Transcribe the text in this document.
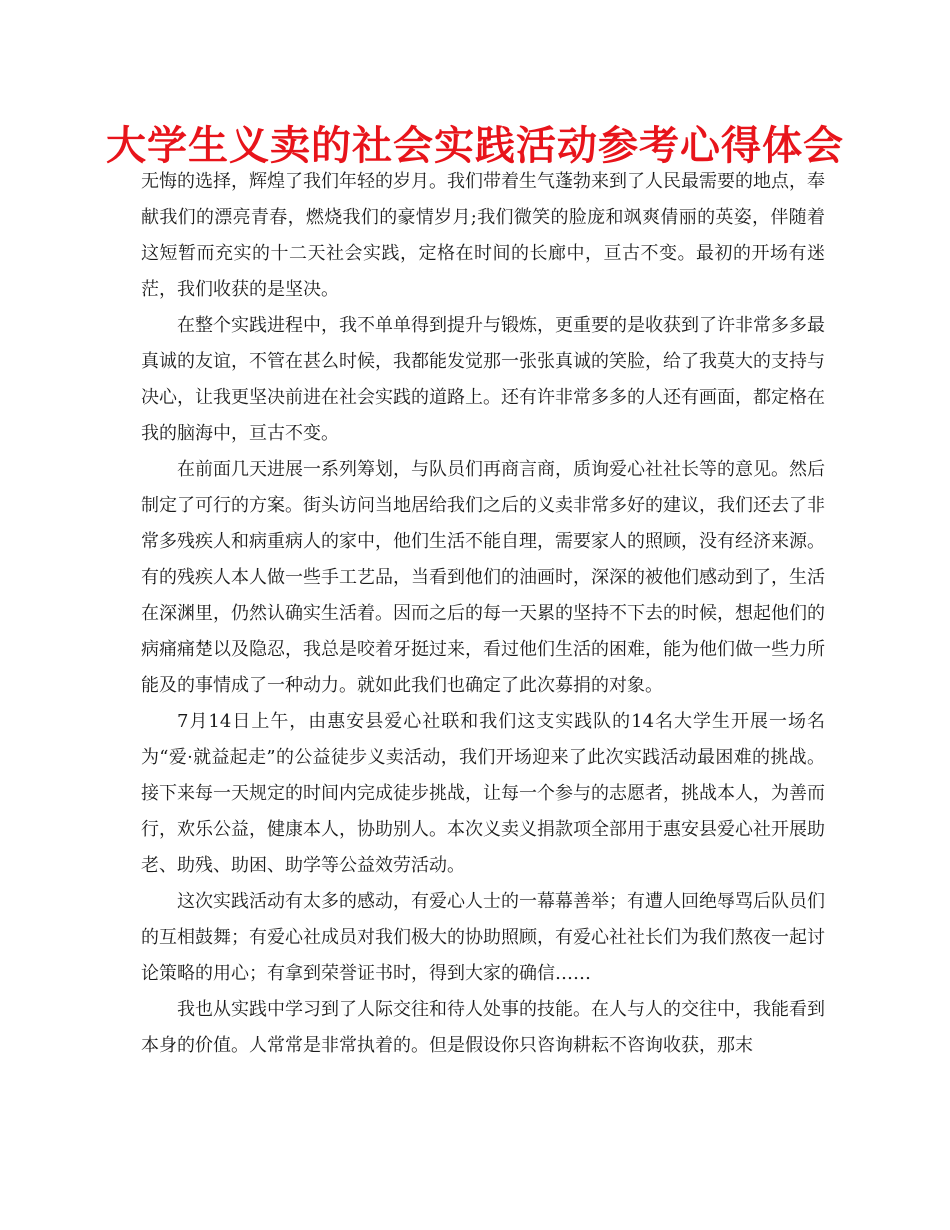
大学生义卖的社会实践活动参考心得体会

无悔的选择，辉煌了我们年轻的岁月。我们带着生气蓬勃来到了人民最需要的地点，奉献我们的漂亮青春，燃烧我们的豪情岁月;我们微笑的脸庞和飒爽倩丽的英姿，伴随着这短暂而充实的十二天社会实践，定格在时间的长廊中，亘古不变。最初的开场有迷茫，我们收获的是坚决。

在整个实践进程中，我不单单得到提升与锻炼，更重要的是收获到了许非常多多最真诚的友谊，不管在甚么时候，我都能发觉那一张张真诚的笑脸，给了我莫大的支持与决心，让我更坚决前进在社会实践的道路上。还有许非常多多的人还有画面，都定格在我的脑海中，亘古不变。

在前面几天进展一系列筹划，与队员们再商言商，质询爱心社社长等的意见。然后制定了可行的方案。街头访问当地居给我们之后的义卖非常多好的建议，我们还去了非常多残疾人和病重病人的家中，他们生活不能自理，需要家人的照顾，没有经济来源。有的残疾人本人做一些手工艺品，当看到他们的油画时，深深的被他们感动到了，生活在深渊里，仍然认确实生活着。因而之后的每一天累的坚持不下去的时候，想起他们的病痛痛楚以及隐忍，我总是咬着牙挺过来，看过他们生活的困难，能为他们做一些力所能及的事情成了一种动力。就如此我们也确定了此次募捐的对象。

7月14日上午，由惠安县爱心社联和我们这支实践队的14名大学生开展一场名为“爱·就益起走”的公益徒步义卖活动，我们开场迎来了此次实践活动最困难的挑战。接下来每一天规定的时间内完成徒步挑战，让每一个参与的志愿者，挑战本人，为善而行，欢乐公益，健康本人，协助别人。本次义卖义捐款项全部用于惠安县爱心社开展助老、助残、助困、助学等公益效劳活动。

这次实践活动有太多的感动，有爱心人士的一幕幕善举；有遭人回绝辱骂后队员们的互相鼓舞；有爱心社成员对我们极大的协助照顾，有爱心社社长们为我们熬夜一起讨论策略的用心；有拿到荣誉证书时，得到大家的确信……

我也从实践中学习到了人际交往和待人处事的技能。在人与人的交往中，我能看到本身的价值。人常常是非常执着的。但是假设你只咨询耕耘不咨询收获，那末
